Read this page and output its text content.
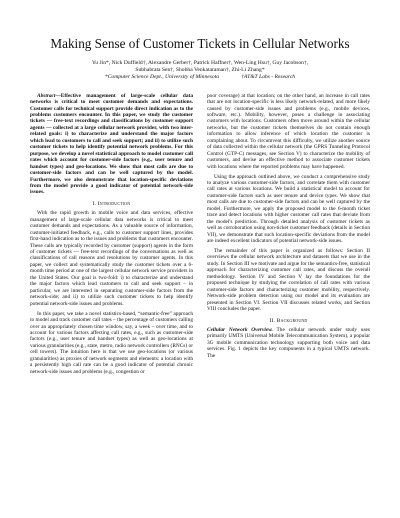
Making Sense of Customer Tickets in Cellular Networks
Yu Jin*, Nick Duffield†, Alexandre Gerber†, Patrick Haffner†, Wen-Ling Hsu†, Guy Jacobson†,
Subhabrata Sen†, Shobha Venkataraman†, Zhi-Li Zhang*
*Computer Science Dept., University of Minnesota	†AT&T Labs - Research

Abstract—Effective management of large-scale cellular data networks is critical to meet customer demands and expectations. Customer calls for technical support provide direct indication as to the problems customers encounter. In this paper, we study the customer tickets — free-text recordings and classifications by customer support agents — collected at a large cellular network provider, with two inter-related goals: i) to characterize and understand the major factors which lead to customers to call and seek support; and ii) to utilize such customer tickets to help identify potential network problems. For this purpose, we develop a novel statistical approach to model customer call rates which account for customer-side factors (e.g., user tenure and handset types) and geo-locations. We show that most calls are due to customer-side factors and can be well captured by the model. Furthermore, we also demonstrate that location-specific deviations from the model provide a good indicator of potential network-side issues.

I. Introduction

With the rapid growth in mobile voice and data services, effective management of large-scale cellular data networks is critical to meet customer demands and expectations. As a valuable source of information, customer-initiated feedback, e.g., calls to customer support lines, provides first-hand indication as to the issues and problems that customers encounter. These calls are typically recorded by customer (support) agents in the form of customer tickets — free-text recordings of the conversations as well as classifications of call reasons and resolutions by customer agents. In this paper, we collect and systematically study the customer tickets over a 6-month time period at one of the largest cellular network service providers in the United States. Our goal is two-fold: i) to characterize and understand the major factors which lead customers to call and seek support – in particular, we are interested in separating customer-side factors from the network-side; and ii) to utilize such customer tickets to help identify potential network-side issues and problems.

In this paper, we take a novel statistics-based, “semantic-free” approach to model and track customer call rates – the percentage of customers calling over an appropriately chosen time window, say, a week – over time, and to account for various factors affecting call rates, e.g., such as customer-side factors (e.g., user tenure and handset types) as well as geo-locations at various granularities (e.g., state, metro, radio network controllers (RNCs) or cell towers). The intuition here is that we use geo-locations (or various granularities) as proxies of network segments and elements: a location with a persistently high call rate can be a good indicator of potential chronic network-side issues and problems (e.g., congestion or

poor coverage) at that location; on the other hand, an increase in call rates that are not location-specific is less likely network-related, and more likely caused by customer-side issues and problems (e.g., mobile devices, software, etc.). Mobility, however, poses a challenge in associating customers with locations. Customers often move around within the cellular networks, but the customer tickets themselves do not contain enough information to allow inference of which location the customer is complaining about. To circumvent this difficulty, we utilize another source of data collected within the cellular network (the GPRS Tunneling Protocol Control (GTP-C) messages, see Section V) to characterize the mobility of customers, and devise an effective method to associate customer tickets with locations where the reported problems may have happened.

Using the approach outlined above, we conduct a comprehensive study to analyze various customer-side factors, and correlate them with customer call rates at various locations. We build a statistical model to account for customer-side factors such as user tenure and device types. We show that most calls are due to customer-side factors and can be well captured by the model. Furthermore, we apply the proposed model to the 6-month ticket trace and detect locations with higher customer call rates that deviate from the model's prediction. Through detailed analysis of customer tickets as well as corroboration using non-ticket customer feedback (details in Section VII), we demonstrate that such location-specific deviations from the model are indeed excellent indicators of potential network-side issues.

The remainder of this paper is organized as follows: Section II overviews the cellular network architecture and datasets that we use in the study. In Section III we motivate and argue for the semantics-free, statistical approach for characterizing customer call rates, and discuss the overall methodology. Section IV and Section V lay the foundations for the proposed technique by studying the correlation of call rates with various customer-side factors and characterizing customer mobility, respectively. Network-side problem detection using our model and its evaluation are presented in Section VI. Section VII discusses related works, and Section VIII concludes the paper.

II. Background

Cellular Network Overview. The cellular network under study uses primarily UMTS (Universal Mobile Telecommunication System), a popular 3G mobile communication technology supporting both voice and data services. Fig. 1 depicts the key components in a typical UMTS network. The
